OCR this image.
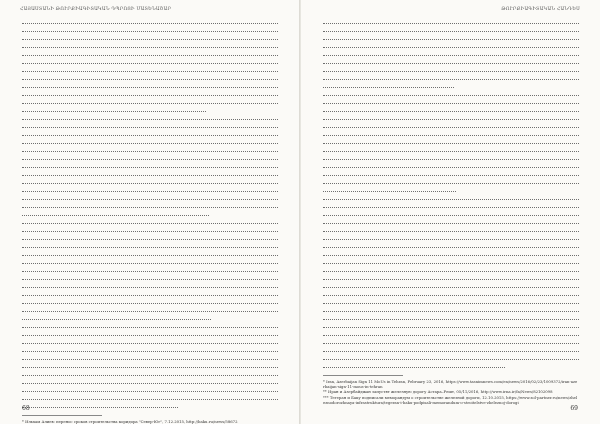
ՀԱՅԱՍՏԱՆԻ ԹՈՒՐՔԻԱԳԻՏԱԿԱՆ ԴՊՐՈՑԻ ՄԱՏԵՆԱՇԱՐ
* Ильхам Алиев: перенос сроков строительства коридора "Север-Юг", 7.12.2015, http://baku.ru/news/58672
68
ԹՈՒՐՔԻԱԳԻՏԱԿԱՆ ՀԱՆԴԵՍ
* Iran, Azerbaijan Sign 11 MoUs in Tehran, February 23, 2016, https://www.tasnimnews.com/en/news/2016/02/23/1009372/iran-azerbaijan-sign-11-mous-in-tehran
** Иран и Азербайджан запустят железную дорогу Астара–Решт, 05/11/2016, http://www.irna.ir/fa/News/82102098
*** Тегеран и Баку подписали меморандум о строительстве железной дороги, 12.10.2015, https://www.zol-partner.ru/news/zheleznodorozhnaya-infrastruktura/tegeran-i-baku-podpisali-memorandum-o-stroitelstve-zheleznoj-dorogi
69
